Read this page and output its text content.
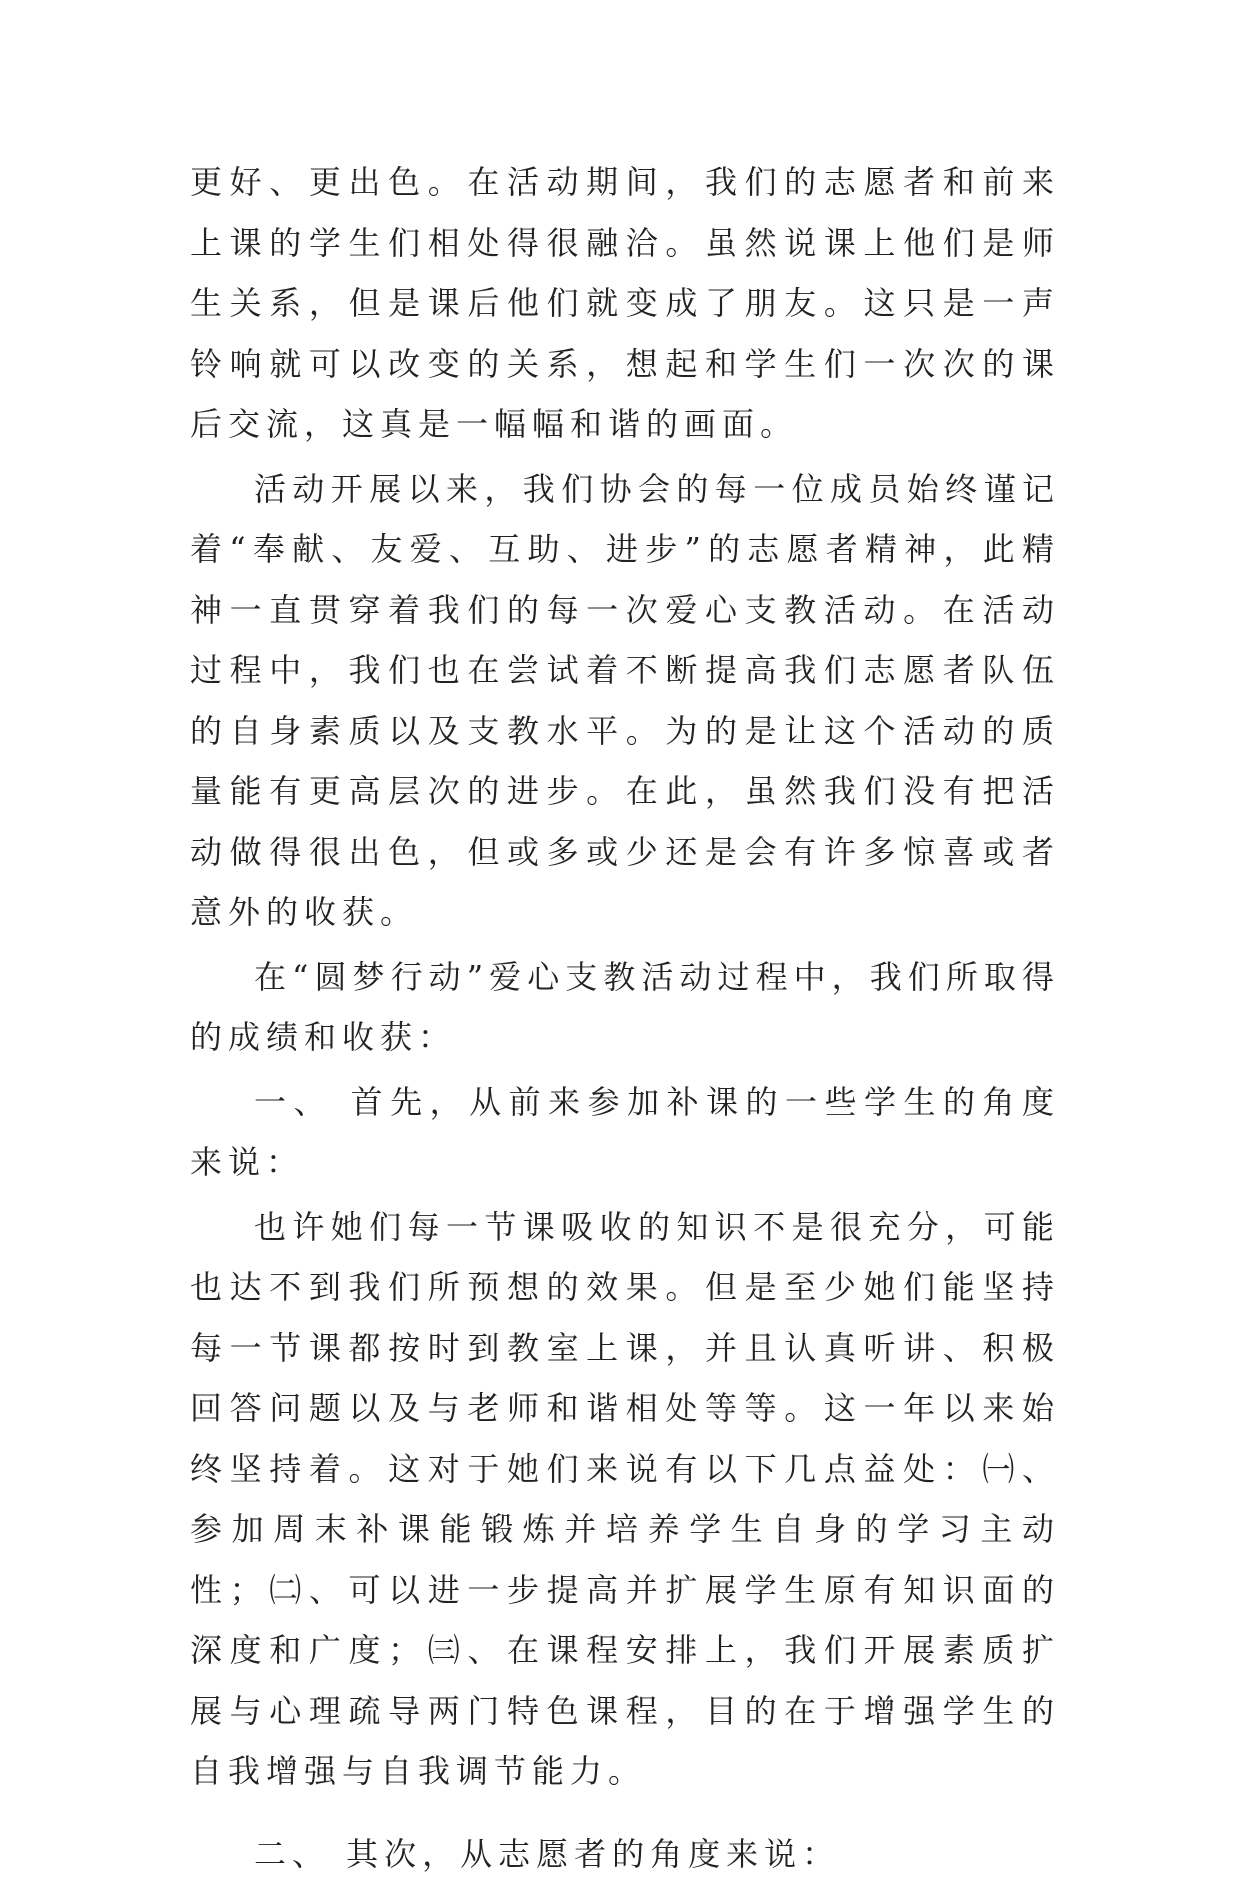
更好、更出色。在活动期间，我们的志愿者和前来上课的学生们相处得很融洽。虽然说课上他们是师生关系，但是课后他们就变成了朋友。这只是一声铃响就可以改变的关系，想起和学生们一次次的课后交流，这真是一幅幅和谐的画面。

活动开展以来，我们协会的每一位成员始终谨记着“奉献、友爱、互助、进步”的志愿者精神，此精神一直贯穿着我们的每一次爱心支教活动。在活动过程中，我们也在尝试着不断提高我们志愿者队伍的自身素质以及支教水平。为的是让这个活动的质量能有更高层次的进步。在此，虽然我们没有把活动做得很出色，但或多或少还是会有许多惊喜或者意外的收获。

在“圆梦行动”爱心支教活动过程中，我们所取得的成绩和收获：

一、 首先，从前来参加补课的一些学生的角度来说：

也许她们每一节课吸收的知识不是很充分，可能也达不到我们所预想的效果。但是至少她们能坚持每一节课都按时到教室上课，并且认真听讲、积极回答问题以及与老师和谐相处等等。这一年以来始终坚持着。这对于她们来说有以下几点益处：㈠、参加周末补课能锻炼并培养学生自身的学习主动性；㈡、可以进一步提高并扩展学生原有知识面的深度和广度；㈢、在课程安排上，我们开展素质扩展与心理疏导两门特色课程，目的在于增强学生的自我增强与自我调节能力。

二、 其次，从志愿者的角度来说：
